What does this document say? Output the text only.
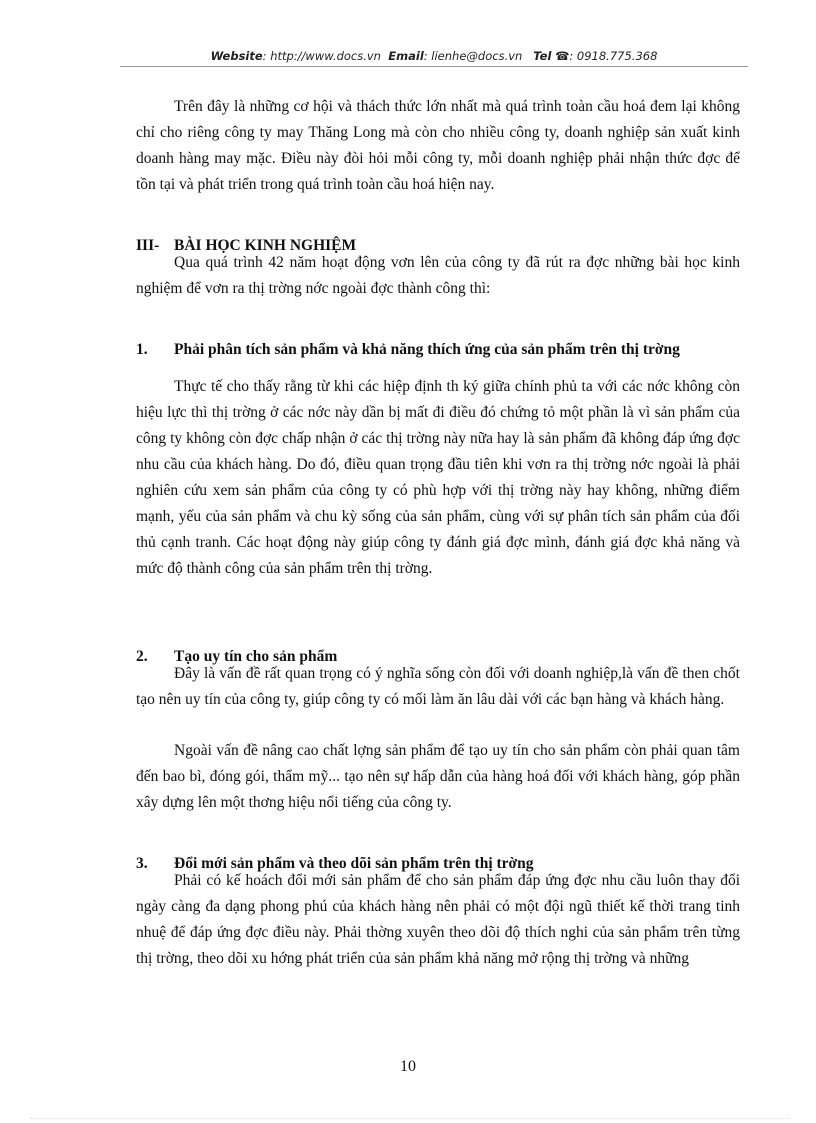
Website: http://www.docs.vn Email: lienhe@docs.vn Tel ☎: 0918.775.368

Trên đây là những cơ hội và thách thức lớn nhất mà quá trình toàn cầu hoá đem lại không chỉ cho riêng công ty may Thăng Long mà còn cho nhiều công ty, doanh nghiệp sản xuất kinh doanh hàng may mặc. Điều này đòi hỏi mỗi công ty, mỗi doanh nghiệp phải nhận thức đợc để tồn tại và phát triển trong quá trình toàn cầu hoá hiện nay.

III- BÀI HỌC KINH NGHIỆM

Qua quá trình 42 năm hoạt động vơn lên của công ty đã rút ra đợc những bài học kinh nghiệm để vơn ra thị trờng nớc ngoài đợc thành công thì:

1. Phải phân tích sản phẩm và khả năng thích ứng của sản phẩm trên thị trờng

Thực tế cho thấy rằng từ khi các hiệp định th ký giữa chính phủ ta với các nớc không còn hiệu lực thì thị trờng ở các nớc này dần bị mất đi điều đó chứng tỏ một phần là vì sản phẩm của công ty không còn đợc chấp nhận ở các thị trờng này nữa hay là sản phẩm đã không đáp ứng đợc nhu cầu của khách hàng. Do đó, điều quan trọng đầu tiên khi vơn ra thị trờng nớc ngoài là phải nghiên cứu xem sản phẩm của công ty có phù hợp với thị trờng này hay không, những điểm mạnh, yếu của sản phẩm và chu kỳ sống của sản phẩm, cùng với sự phân tích sản phẩm của đối thủ cạnh tranh. Các hoạt động này giúp công ty đánh giá đợc mình, đánh giá đợc khả năng và mức độ thành công của sản phẩm trên thị trờng.

2. Tạo uy tín cho sản phẩm

Đây là vấn đề rất quan trọng có ý nghĩa sống còn đối với doanh nghiệp,là vấn đề then chốt tạo nên uy tín của công ty, giúp công ty có mối làm ăn lâu dài với các bạn hàng và khách hàng.

Ngoài vấn đề nâng cao chất lợng sản phẩm để tạo uy tín cho sản phẩm còn phải quan tâm đến bao bì, đóng gói, thẩm mỹ... tạo nên sự hấp dẫn của hàng hoá đối với khách hàng, góp phần xây dựng lên một thơng hiệu nổi tiếng của công ty.

3. Đổi mới sản phẩm và theo dõi sản phẩm trên thị trờng

Phải có kế hoách đổi mới sản phẩm để cho sản phẩm đáp ứng đợc nhu cầu luôn thay đổi ngày càng đa dạng phong phú của khách hàng nên phải có một đội ngũ thiết kế thời trang tinh nhuệ để đáp ứng đợc điều này. Phải thờng xuyên theo dõi độ thích nghi của sản phẩm trên từng thị trờng, theo dõi xu hớng phát triển của sản phẩm khả năng mở rộng thị trờng và những

10
